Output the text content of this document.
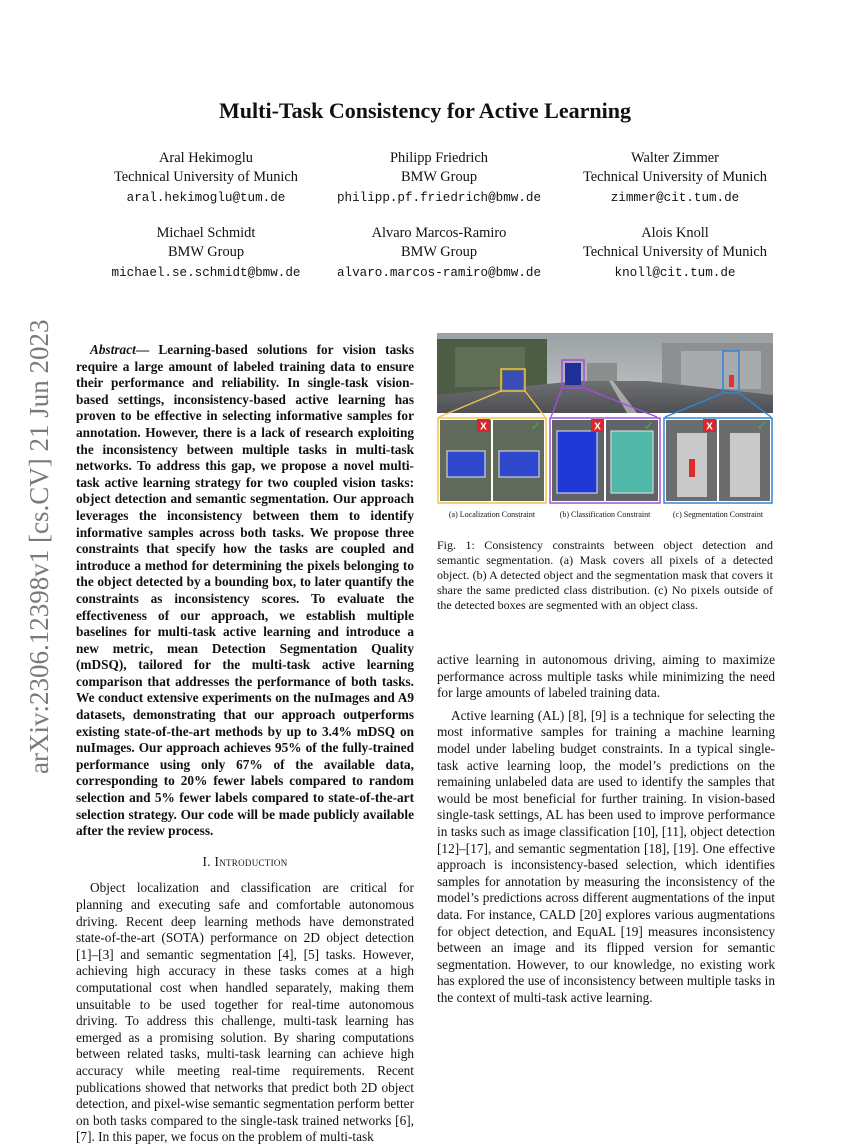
arXiv:2306.12398v1 [cs.CV] 21 Jun 2023
Multi-Task Consistency for Active Learning
Aral Hekimoglu
Technical University of Munich
aral.hekimoglu@tum.de
Philipp Friedrich
BMW Group
philipp.pf.friedrich@bmw.de
Walter Zimmer
Technical University of Munich
zimmer@cit.tum.de
Michael Schmidt
BMW Group
michael.se.schmidt@bmw.de
Alvaro Marcos-Ramiro
BMW Group
alvaro.marcos-ramiro@bmw.de
Alois Knoll
Technical University of Munich
knoll@cit.tum.de

Abstract— Learning-based solutions for vision tasks require a large amount of labeled training data to ensure their performance and reliability. In single-task vision-based settings, inconsistency-based active learning has proven to be effective in selecting informative samples for annotation. However, there is a lack of research exploiting the inconsistency between multiple tasks in multi-task networks. To address this gap, we propose a novel multi-task active learning strategy for two coupled vision tasks: object detection and semantic segmentation. Our approach leverages the inconsistency between them to identify informative samples across both tasks. We propose three constraints that specify how the tasks are coupled and introduce a method for determining the pixels belonging to the object detected by a bounding box, to later quantify the constraints as inconsistency scores. To evaluate the effectiveness of our approach, we establish multiple baselines for multi-task active learning and introduce a new metric, mean Detection Segmentation Quality (mDSQ), tailored for the multi-task active learning comparison that addresses the performance of both tasks. We conduct extensive experiments on the nuImages and A9 datasets, demonstrating that our approach outperforms existing state-of-the-art methods by up to 3.4% mDSQ on nuImages. Our approach achieves 95% of the fully-trained performance using only 67% of the available data, corresponding to 20% fewer labels compared to random selection and 5% fewer labels compared to state-of-the-art selection strategy. Our code will be made publicly available after the review process.

I. Introduction

Object localization and classification are critical for planning and executing safe and comfortable autonomous driving. Recent deep learning methods have demonstrated state-of-the-art (SOTA) performance on 2D object detection [1]–[3] and semantic segmentation [4], [5] tasks. However, achieving high accuracy in these tasks comes at a high computational cost when handled separately, making them unsuitable to be used together for real-time autonomous driving. To address this challenge, multi-task learning has emerged as a promising solution. By sharing computations between related tasks, multi-task learning can achieve high accuracy while meeting real-time requirements. Recent publications showed that networks that predict both 2D object detection, and pixel-wise semantic segmentation perform better on both tasks compared to the single-task trained networks [6], [7]. In this paper, we focus on the problem of multi-task

X	✓	X	✓	X	✓
(a) Localization Constraint	(b) Classification Constraint	(c) Segmentation Constraint
Fig. 1: Consistency constraints between object detection and semantic segmentation. (a) Mask covers all pixels of a detected object. (b) A detected object and the segmentation mask that covers it share the same predicted class distribution. (c) No pixels outside of the detected boxes are segmented with an object class.

active learning in autonomous driving, aiming to maximize performance across multiple tasks while minimizing the need for large amounts of labeled training data.

Active learning (AL) [8], [9] is a technique for selecting the most informative samples for training a machine learning model under labeling budget constraints. In a typical single-task active learning loop, the model’s predictions on the remaining unlabeled data are used to identify the samples that would be most beneficial for further training. In vision-based single-task settings, AL has been used to improve performance in tasks such as image classification [10], [11], object detection [12]–[17], and semantic segmentation [18], [19]. One effective approach is inconsistency-based selection, which identifies samples for annotation by measuring the inconsistency of the model’s predictions across different augmentations of the input data. For instance, CALD [20] explores various augmentations for object detection, and EquAL [19] measures inconsistency between an image and its flipped version for semantic segmentation. However, to our knowledge, no existing work has explored the use of inconsistency between multiple tasks in the context of multi-task active learning.
